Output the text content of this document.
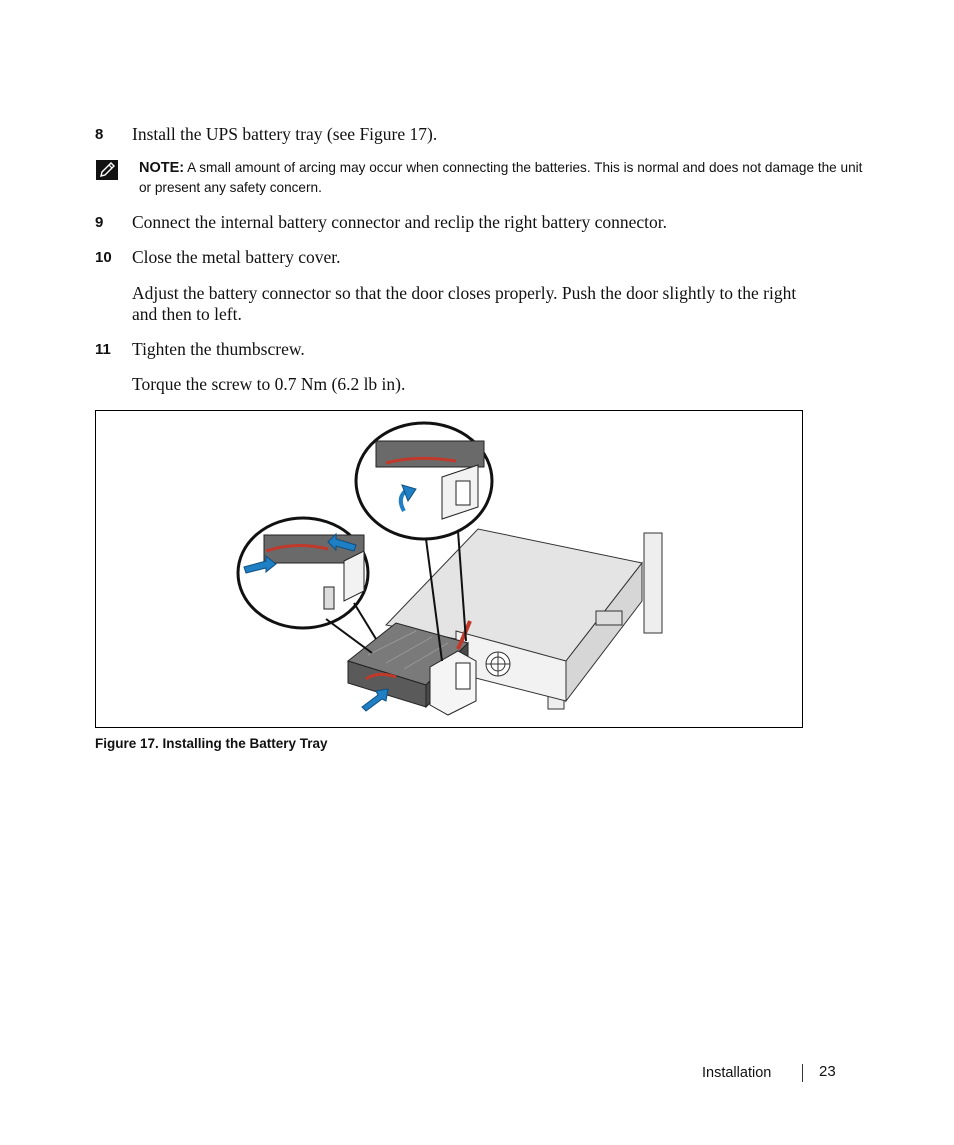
8 Install the UPS battery tray (see Figure 17).
NOTE: A small amount of arcing may occur when connecting the batteries. This is normal and does not damage the unit or present any safety concern.
9 Connect the internal battery connector and reclip the right battery connector.
10 Close the metal battery cover.
Adjust the battery connector so that the door closes properly. Push the door slightly to the right
and then to left.
11 Tighten the thumbscrew.
Torque the screw to 0.7 Nm (6.2 lb in).
Figure 17. Installing the Battery Tray
Installation	23
